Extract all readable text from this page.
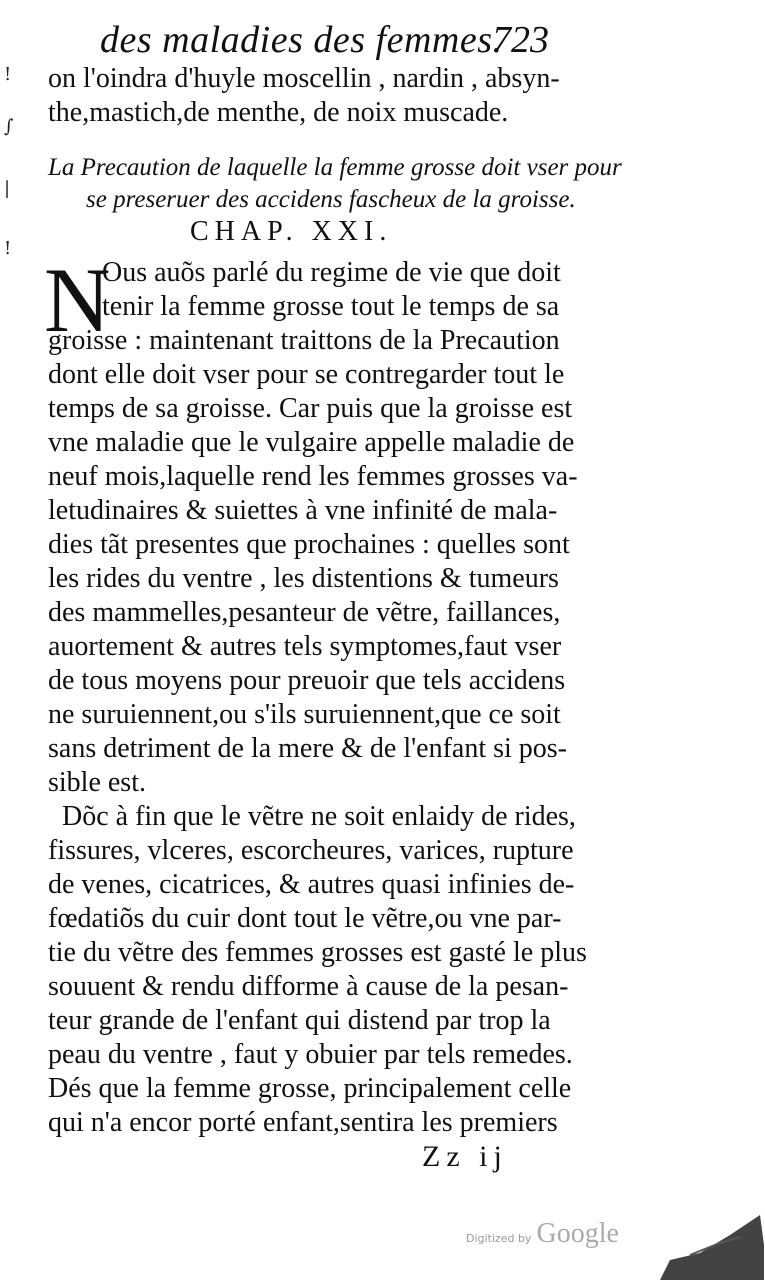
!
∫
|
!
des maladies des femmes.
723
on l'oindra d'huyle moscellin , nardin , absyn-
the,mastich,de menthe, de noix muscade.
La Precaution de laquelle la femme grosse doit vser pour
se preseruer des accidens fascheux de la groisse.
CHAP. XXI.
N
Ous auõs parlé du regime de vie que doit
tenir la femme grosse tout le temps de sa
groisse : maintenant traittons de la Precaution
dont elle doit vser pour se contregarder tout le
temps de sa groisse. Car puis que la groisse est
vne maladie que le vulgaire appelle maladie de
neuf mois,laquelle rend les femmes grosses va-
letudinaires & suiettes à vne infinité de mala-
dies tãt presentes que prochaines : quelles sont
les rides du ventre , les distentions & tumeurs
des mammelles,pesanteur de vẽtre, faillances,
auortement & autres tels symptomes,faut vser
de tous moyens pour preuoir que tels accidens
ne suruiennent,ou s'ils suruiennent,que ce soit
sans detriment de la mere & de l'enfant si pos-
sible est.
Dõc à fin que le vẽtre ne soit enlaidy de rides,
fissures, vlceres, escorcheures, varices, rupture
de venes, cicatrices, & autres quasi infinies de-
fœdatiõs du cuir dont tout le vẽtre,ou vne par-
tie du vẽtre des femmes grosses est gasté le plus
souuent & rendu difforme à cause de la pesan-
teur grande de l'enfant qui distend par trop la
peau du ventre , faut y obuier par tels remedes.
Dés que la femme grosse, principalement celle
qui n'a encor porté enfant,sentira les premiers
Zz ij
Digitized by Google
